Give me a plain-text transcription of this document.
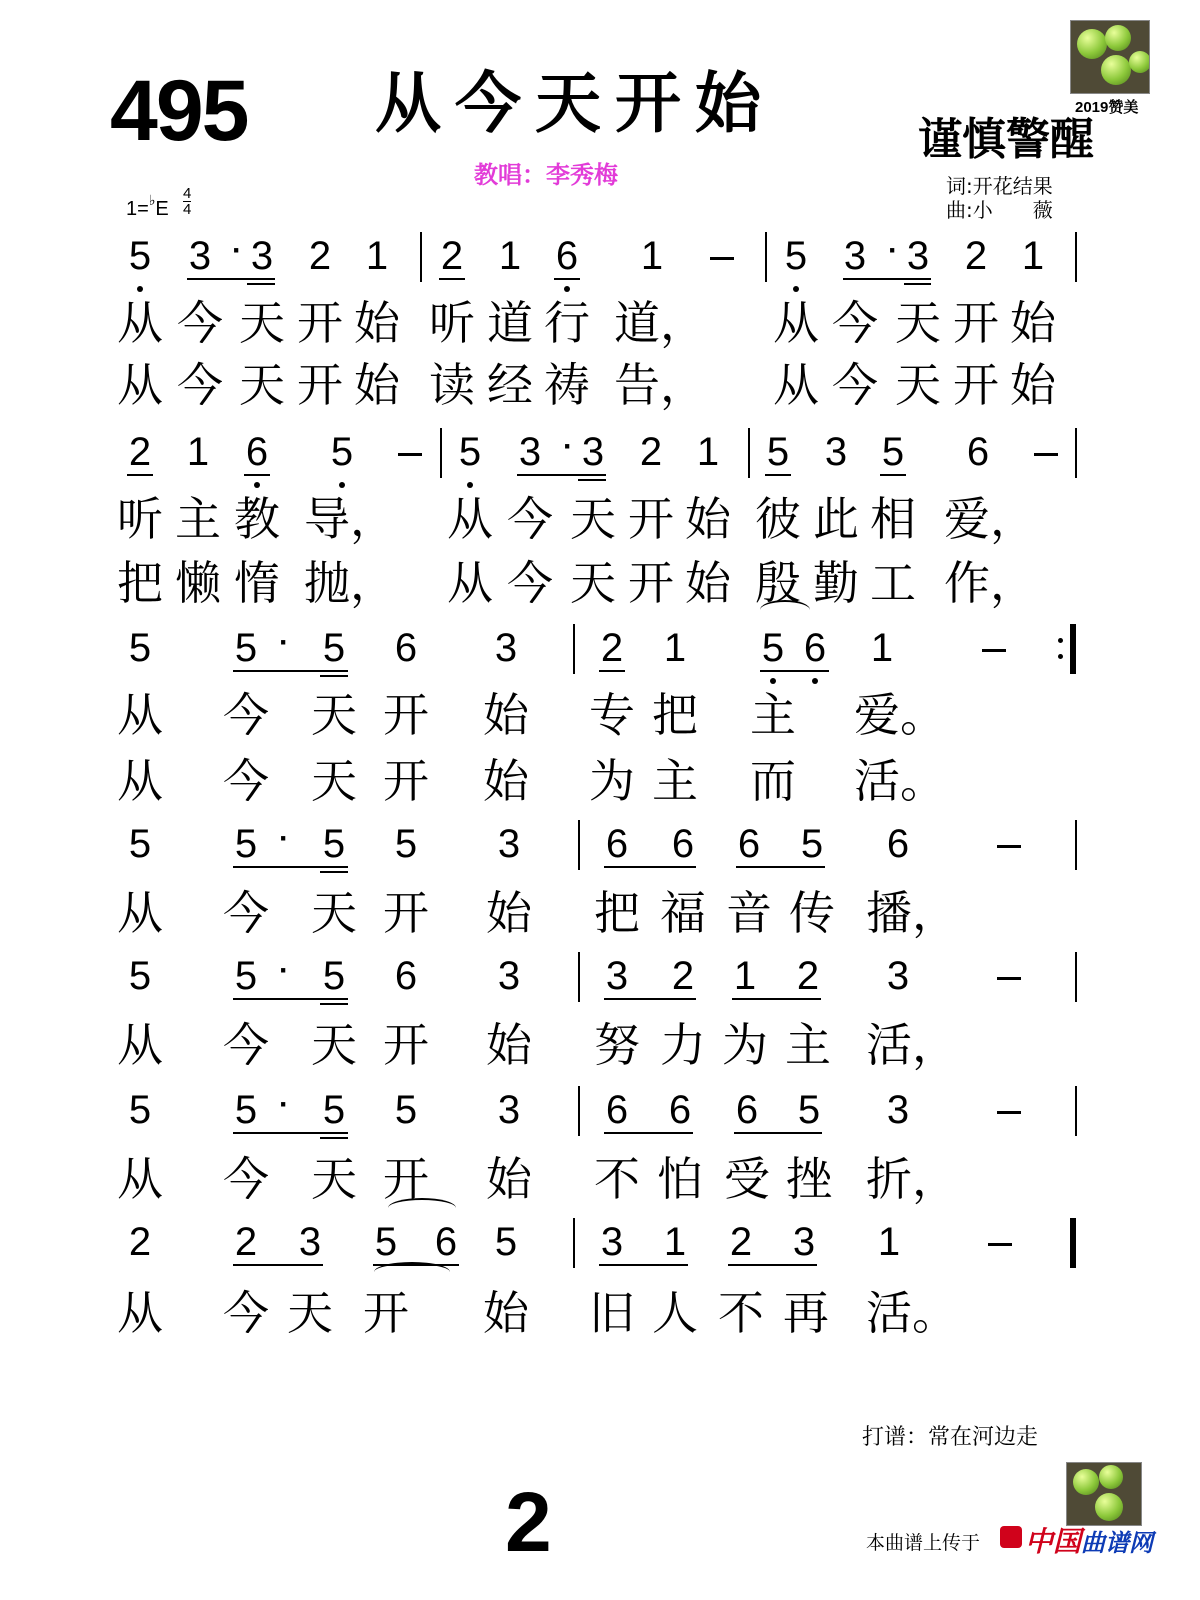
495 从今天开始
教唱：李秀梅
谨慎警醒
2019赞美
词:开花结果
曲:小　　薇
1=♭E
4
4
5 3 · 3 2 1 2 1 6 1	5 3 · 3 2 1
从 今 天 开 始 听 道 行 道， 从 今 天 开 始
从 今 天 开 始 读 经 祷 告， 从 今 天 开 始
2 1 6 5	5 3 · 3 2 1 5 3 5 6
听 主 教 导， 从 今 天 开 始 彼 此 相 爱，
把 懒 惰 抛， 从 今 天 开 始 殷 勤 工 作，
5 5 · 5 6 3 2 1 5 6 1
从 今 天 开 始 专 把 主 爱。
从 今 天 开 始 为 主 而 活。
5 5 · 5 5 3 6 6 6 5 6
从 今 天 开 始 把 福 音 传 播，
5 5 · 5 6 3 3 2 1 2 3
从 今 天 开 始 努 力 为 主 活，
5 5 · 5 5 3 6 6 6 5 3
从 今 天 开 始 不 怕 受 挫 折，
2 2 3 5 6 5 3 1 2 3 1
从 今 天 开 始 旧 人 不 再 活。
打谱：常在河边走
2	本曲谱上传于 中国曲谱网
